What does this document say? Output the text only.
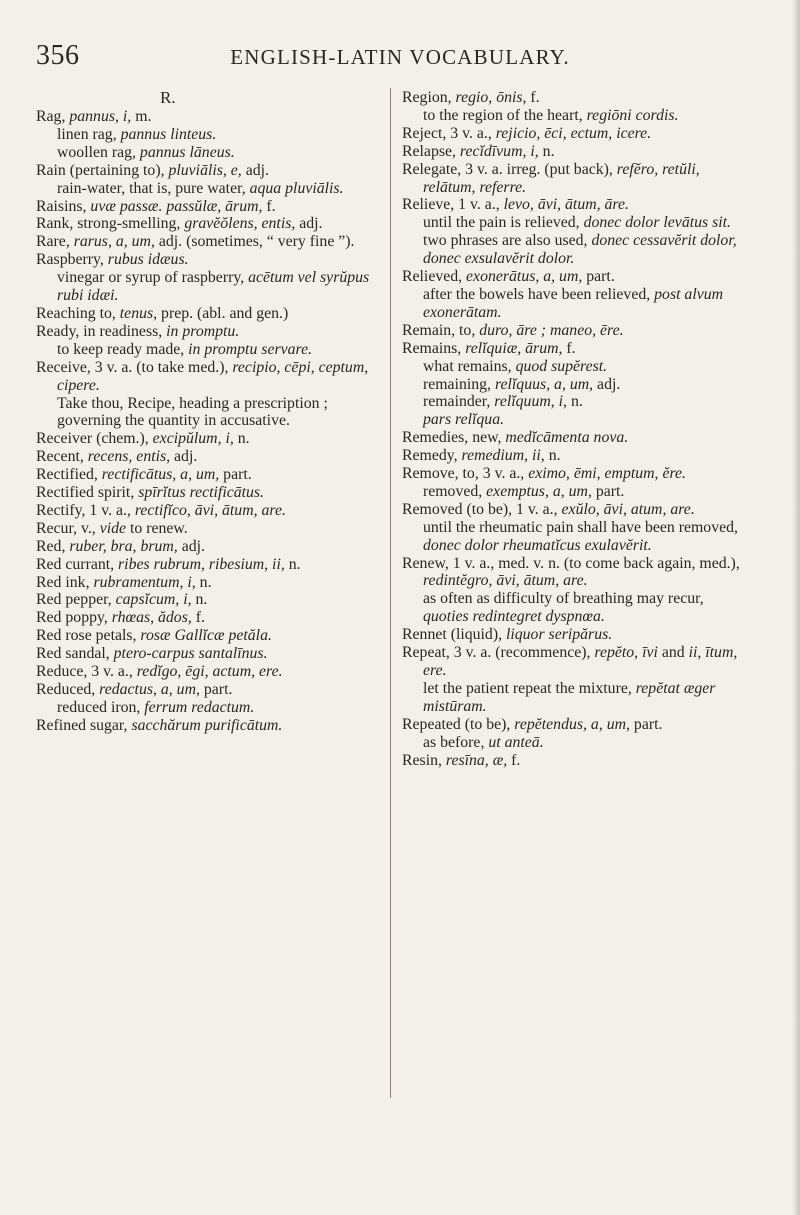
356	ENGLISH-LATIN VOCABULARY.
R.

Rag, pannus, i, m.

linen rag, pannus linteus.

woollen rag, pannus lāneus.

Rain (pertaining to), pluviālis, e, adj.

rain-water, that is, pure water, aqua pluviālis.

Raisins, uvæ passæ. passŭlæ, ārum, f.

Rank, strong-smelling, gravĕŏlens, entis, adj.

Rare, rarus, a, um, adj. (sometimes, “ very fine ”).

Raspberry, rubus idæus.

vinegar or syrup of raspberry, acētum vel syrŭpus rubi idæi.

Reaching to, tenus, prep. (abl. and gen.)

Ready, in readiness, in promptu.

to keep ready made, in promptu servare.

Receive, 3 v. a. (to take med.), recipio, cēpi, ceptum, cipere.

Take thou, Recipe, heading a prescription ; governing the quantity in accusative.

Receiver (chem.), excipŭlum, i, n.

Recent, recens, entis, adj.

Rectified, rectificātus, a, um, part.

Rectified spirit, spīrĭtus rectificātus.

Rectify, 1 v. a., rectifĭco, āvi, ātum, are.

Recur, v., vide to renew.

Red, ruber, bra, brum, adj.

Red currant, ribes rubrum, ribesium, ii, n.

Red ink, rubramentum, i, n.

Red pepper, capsĭcum, i, n.

Red poppy, rhœas, ădos, f.

Red rose petals, rosæ Gallĭcæ petăla.

Red sandal, ptero-carpus santalīnus.

Reduce, 3 v. a., redĭgo, ēgi, actum, ere.

Reduced, redactus, a, um, part.

reduced iron, ferrum redactum.

Refined sugar, sacchărum purificātum.

Region, regio, ōnis, f.

to the region of the heart, regiōni cordis.

Reject, 3 v. a., rejicio, ēci, ectum, icere.

Relapse, recĭdīvum, i, n.

Relegate, 3 v. a. irreg. (put back), refĕro, retŭli, relātum, referre.

Relieve, 1 v. a., levo, āvi, ātum, āre.

until the pain is relieved, donec dolor levātus sit.

two phrases are also used, donec cessavĕrit dolor, donec exsulavĕrit dolor.

Relieved, exonerātus, a, um, part.

after the bowels have been relieved, post alvum exonerātam.

Remain, to, duro, āre ; maneo, ēre.

Remains, relĭquiæ, ārum, f.

what remains, quod supĕrest.

remaining, relĭquus, a, um, adj.

remainder, relĭquum, i, n.

pars relĭqua.

Remedies, new, medĭcāmenta nova.

Remedy, remedium, ii, n.

Remove, to, 3 v. a., eximo, ēmi, emptum, ĕre.

removed, exemptus, a, um, part.

Removed (to be), 1 v. a., exŭlo, āvi, atum, are.

until the rheumatic pain shall have been removed, donec dolor rheumatĭcus exulavĕrit.

Renew, 1 v. a., med. v. n. (to come back again, med.), redintĕgro, āvi, ātum, are.

as often as difficulty of breathing may recur, quoties redintegret dyspnœa.

Rennet (liquid), liquor seripărus.

Repeat, 3 v. a. (recommence), repĕto, īvi and ii, ītum, ere.

let the patient repeat the mixture, repĕtat æger mistūram.

Repeated (to be), repĕtendus, a, um, part.

as before, ut anteā.

Resin, resīna, æ, f.
